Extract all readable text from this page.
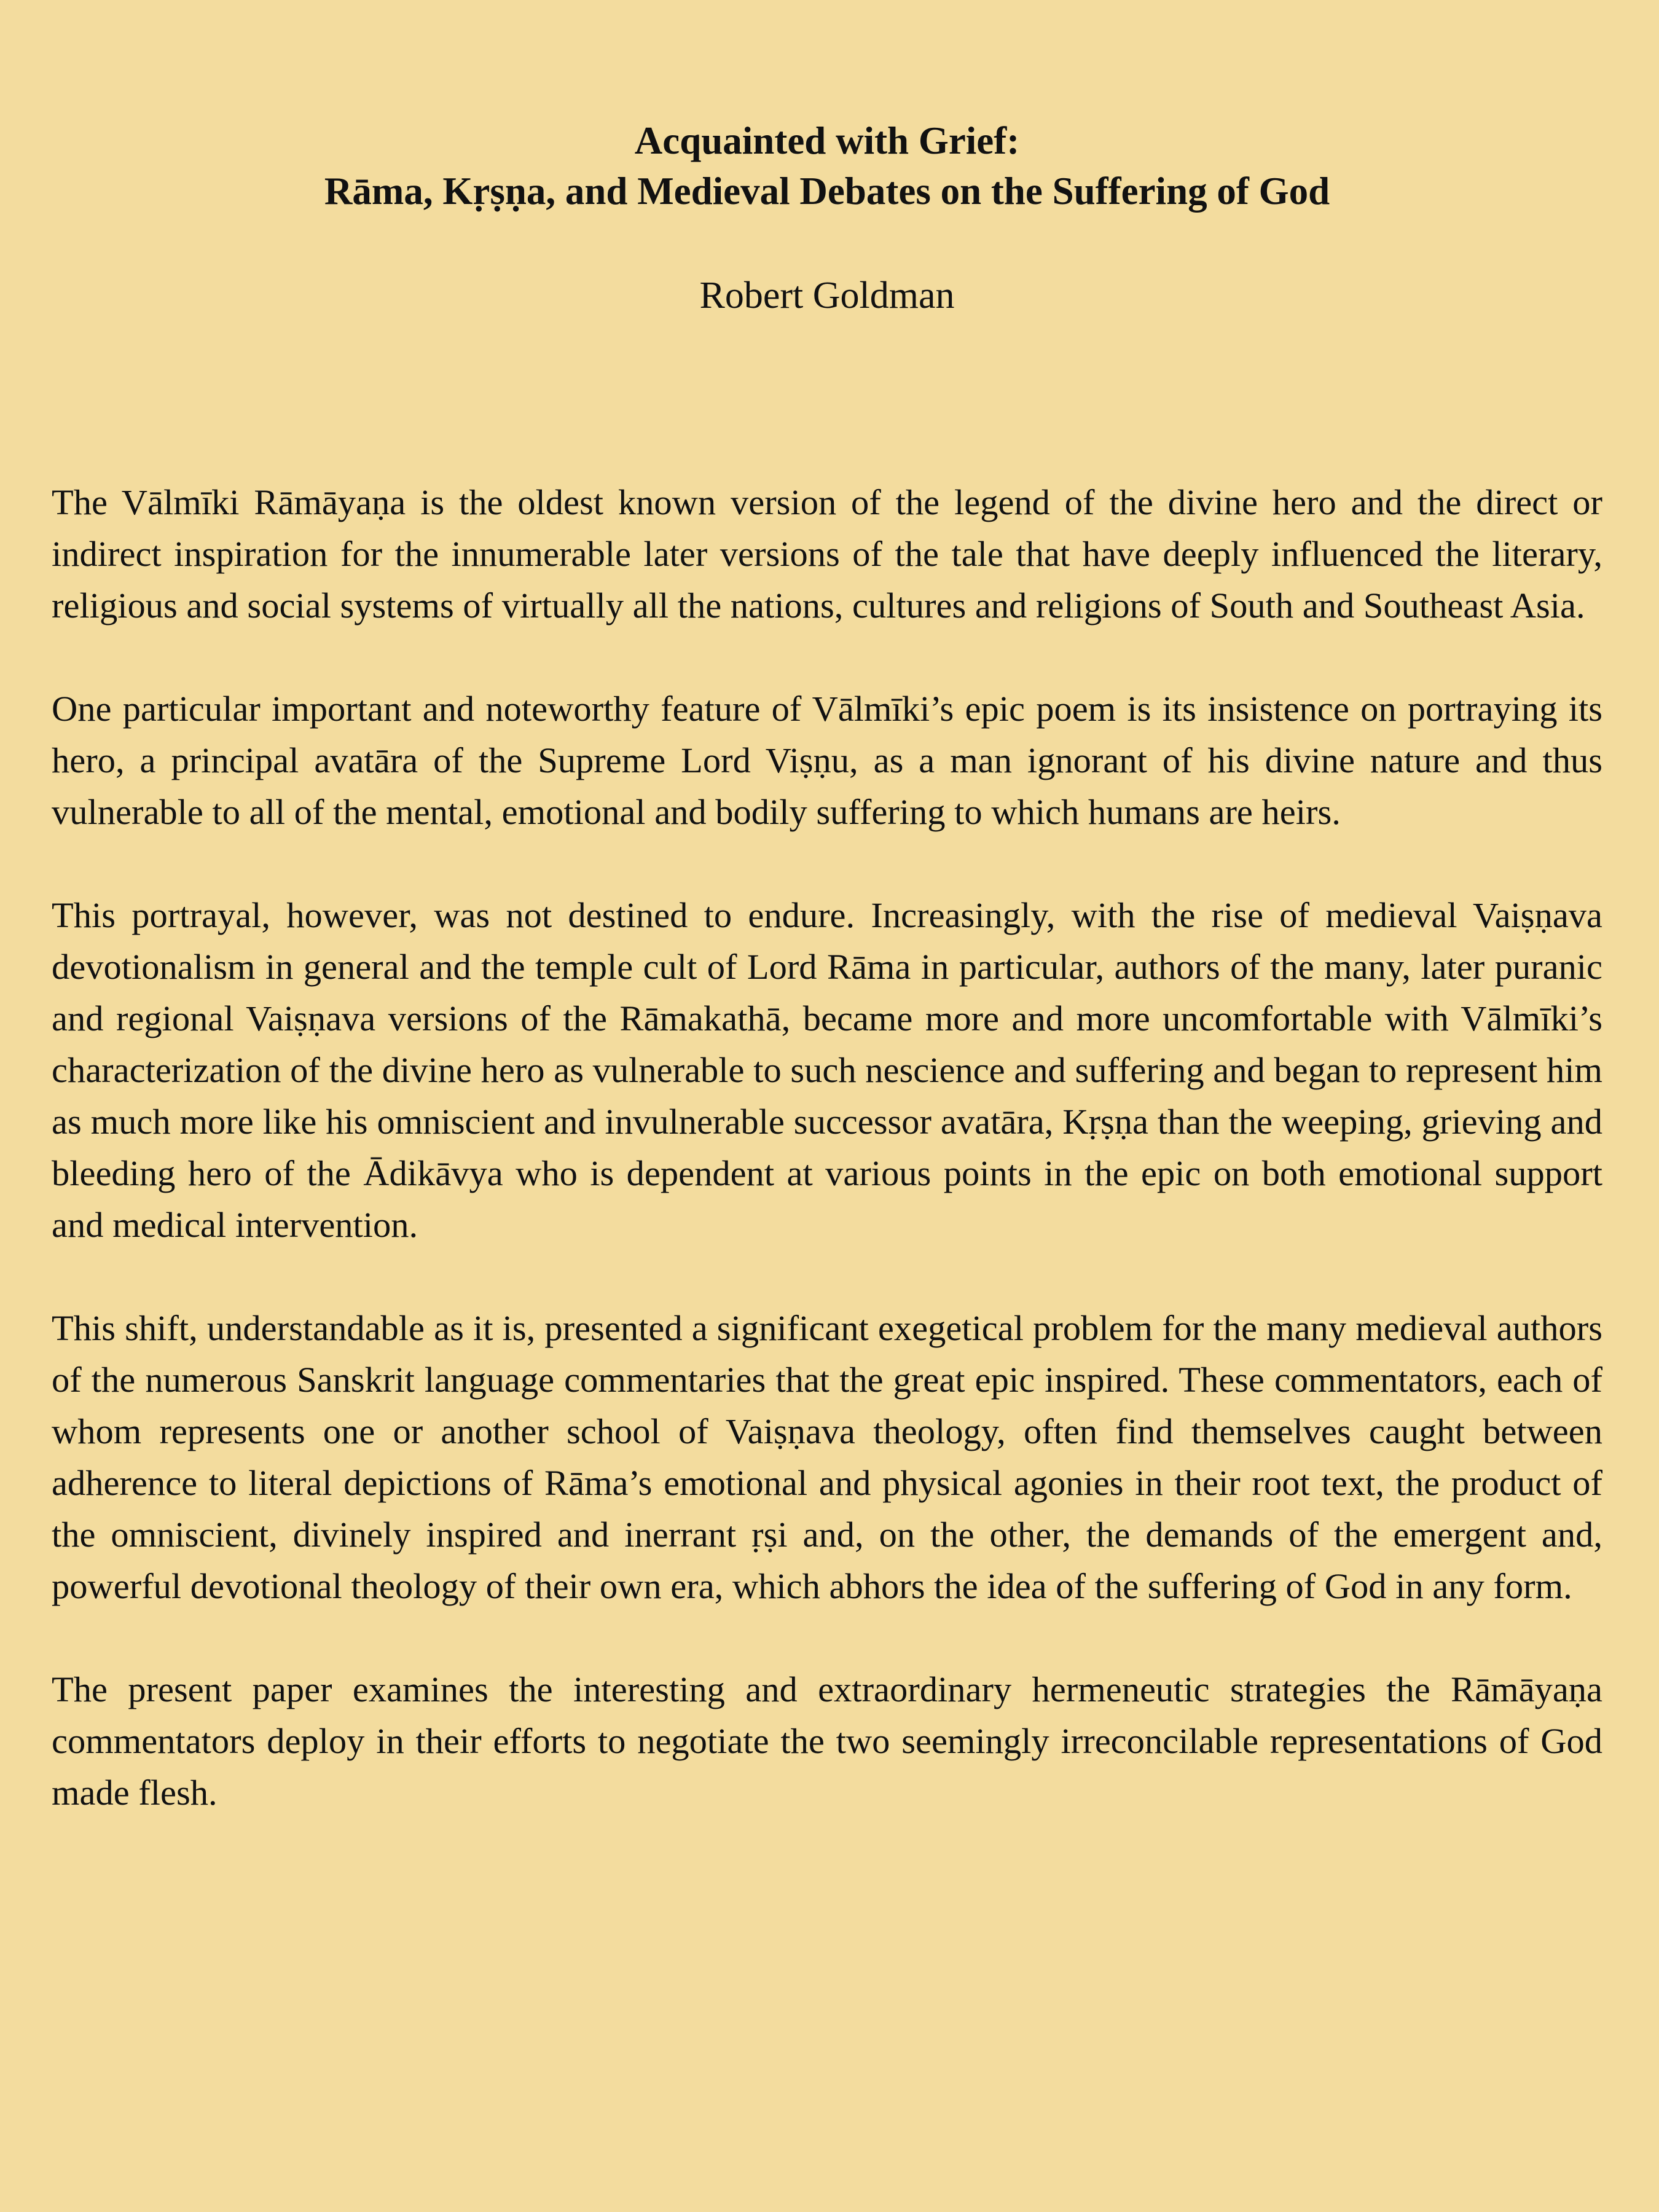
Acquainted with Grief:

Rāma, Kṛṣṇa, and Medieval Debates on the Suffering of God

Robert Goldman

The Vālmīki Rāmāyaṇa is the oldest known version of the legend of the divine hero and the direct or indirect inspiration for the innumerable later versions of the tale that have deeply influenced the literary, religious and social systems of virtually all the nations, cultures and religions of South and Southeast Asia.

One particular important and noteworthy feature of Vālmīki’s epic poem is its insistence on portraying its hero, a principal avatāra of the Supreme Lord Viṣṇu, as a man ignorant of his divine nature and thus vulnerable to all of the mental, emotional and bodily suffering to which humans are heirs.

This portrayal, however, was not destined to endure. Increasingly, with the rise of medieval Vaiṣṇava devotionalism in general and the temple cult of Lord Rāma in particular, authors of the many, later puranic and regional Vaiṣṇava versions of the Rāmakathā, became more and more uncomfortable with Vālmīki’s characterization of the divine hero as vulnerable to such nescience and suffering and began to represent him as much more like his omniscient and invulnerable successor avatāra, Kṛṣṇa than the weeping, grieving and bleeding hero of the Ādikāvya who is dependent at various points in the epic on both emotional support and medical intervention.

This shift, understandable as it is, presented a significant exegetical problem for the many medieval authors of the numerous Sanskrit language commentaries that the great epic inspired. These commentators, each of whom represents one or another school of Vaiṣṇava theology, often find themselves caught between adherence to literal depictions of Rāma’s emotional and physical agonies in their root text, the product of the omniscient, divinely inspired and inerrant ṛṣi and, on the other, the demands of the emergent and, powerful devotional theology of their own era, which abhors the idea of the suffering of God in any form.

The present paper examines the interesting and extraordinary hermeneutic strategies the Rāmāyaṇa commentators deploy in their efforts to negotiate the two seemingly irreconcilable representations of God made flesh.
